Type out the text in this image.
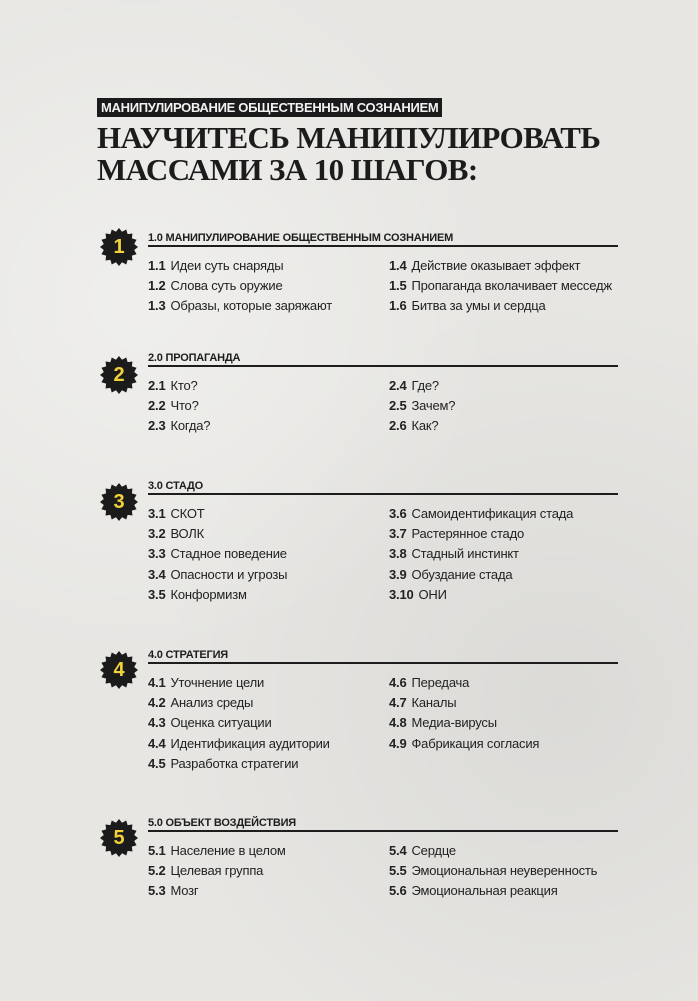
МАНИПУЛИРОВАНИЕ ОБЩЕСТВЕННЫМ СОЗНАНИЕМ
НАУЧИТЕСЬ МАНИПУЛИРОВАТЬ
МАССАМИ ЗА 10 ШАГОВ:
1	1.0 МАНИПУЛИРОВАНИЕ ОБЩЕСТВЕННЫМ СОЗНАНИЕМ
1.1 Идеи суть снаряды
1.2 Слова суть оружие
1.3 Образы, которые заряжают
1.4 Действие оказывает эффект
1.5 Пропаганда вколачивает месседж
1.6 Битва за умы и сердца
2
2.0 ПРОПАГАНДА
2.1 Кто?
2.2 Что?
2.3 Когда?
2.4 Где?
2.5 Зачем?
2.6 Как?
3
3.0 СТАДО
3.1 СКОТ
3.2 ВОЛК
3.3 Стадное поведение
3.4 Опасности и угрозы
3.5 Конформизм
3.6 Самоидентификация стада
3.7 Растерянное стадо
3.8 Стадный инстинкт
3.9 Обуздание стада
3.10 ОНИ
4
4.0 СТРАТЕГИЯ
4.1 Уточнение цели
4.2 Анализ среды
4.3 Оценка ситуации
4.4 Идентификация аудитории
4.5 Разработка стратегии
4.6 Передача
4.7 Каналы
4.8 Медиа-вирусы
4.9 Фабрикация согласия
5
5.0 ОБЪЕКТ ВОЗДЕЙСТВИЯ
5.1 Население в целом
5.2 Целевая группа
5.3 Мозг
5.4 Сердце
5.5 Эмоциональная неуверенность
5.6 Эмоциональная реакция
